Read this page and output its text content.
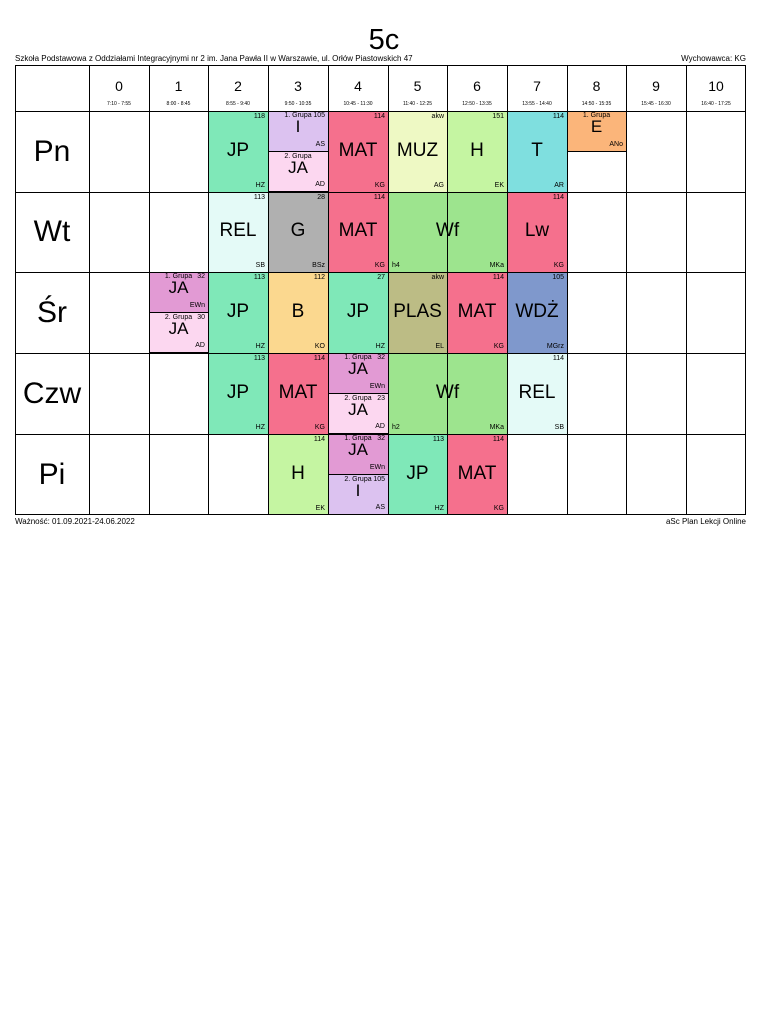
5c
Szkoła Podstawowa z Oddziałami Integracyjnymi nr 2 im. Jana Pawła II w Warszawie, ul. Orłów Piastowskich 47	Wychowawca: KG
118
JP
HZ
1. Grupa 105
I
AS
2. Grupa
JA
AD
114
MAT
KG
akw
MUZ
AG
151
H
EK
114
T
AR
1. Grupa
E
ANo
113
REL
SB
28
G
BSz
114
MAT
KG
Wf
MKa
h4
114
Lw
KG
1. Grupa 32
JA
EWn
2. Grupa 30
JA
AD
113
JP
HZ
112
B
KO
27
JP
HZ
akw
PLAS
EL
114
MAT
KG
105
WDŻ
MGrz
113
JP
HZ
114
MAT
KG
1. Grupa 32
JA
EWn
2. Grupa 23
JA
AD
Wf
MKa
h2
114
REL
SB
114
H
EK
1. Grupa 32
JA
EWn
2. Grupa 105
I
AS
113
JP
HZ
114
MAT
KG
0
7:10 - 7:55
1
8:00 - 8:45
2
8:55 - 9:40
3
9:50 - 10:35
4
10:45 - 11:30
5
11:40 - 12:25
6
12:50 - 13:35
7
13:55 - 14:40
8
14:50 - 15:35
9
15:45 - 16:30
10
16:40 - 17:25
Pn
Wt
Śr
Czw
Pi
Ważność: 01.09.2021-24.06.2022	aSc Plan Lekcji Online
